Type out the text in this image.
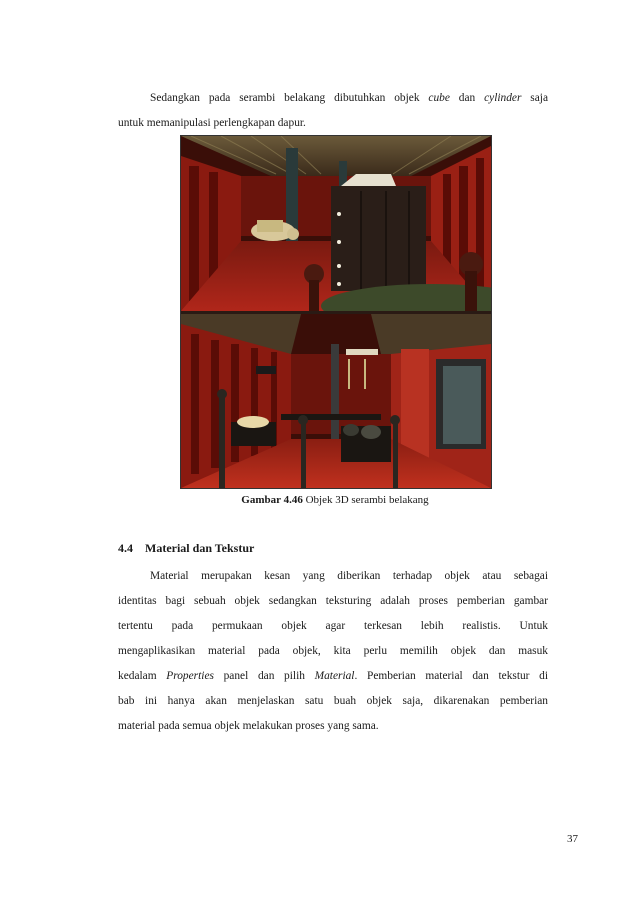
Sedangkan pada serambi belakang dibutuhkan objek cube dan cylinder saja
untuk memanipulasi perlengkapan dapur.
Gambar 4.46 Objek 3D serambi belakang
4.4 Material dan Tekstur
Material merupakan kesan yang diberikan terhadap objek atau sebagai
identitas bagi sebuah objek sedangkan teksturing adalah proses pemberian gambar
tertentu pada permukaan objek agar terkesan lebih realistis. Untuk
mengaplikasikan material pada objek, kita perlu memilih objek dan masuk
kedalam Properties panel dan pilih Material. Pemberian material dan tekstur di
bab ini hanya akan menjelaskan satu buah objek saja, dikarenakan pemberian
material pada semua objek melakukan proses yang sama.
37
